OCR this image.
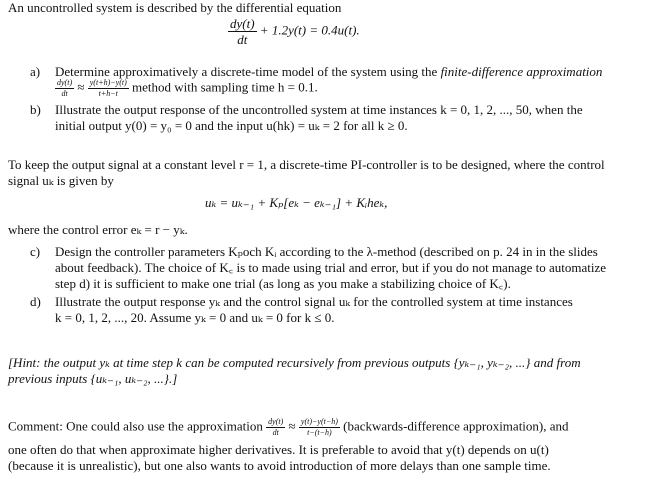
An uncontrolled system is described by the differential equation
$\frac{dy(t)}{dt} + 1.2y(t) = 0.4u(t)$.
a) Determine approximatively a discrete-time model of the system using the finite-difference approximation
$\frac{dy(t)}{dt} \approx \frac{y(t+h)-y(t)}{t+h-t}$ method with sampling time h = 0.1.
b) Illustrate the output response of the uncontrolled system at time instances k = 0, 1, 2, ..., 50, when the
initial output y(0) = y₀ = 0 and the input u(hk) = uₖ = 2 for all k ≥ 0.
To keep the output signal at a constant level r = 1, a discrete-time PI-controller is to be designed, where the control
signal uₖ is given by
uₖ = uₖ₋₁ + Kₚ[eₖ − eₖ₋₁] + Kᵢheₖ,
where the control error eₖ = r − yₖ.
c) Design the controller parameters Kₚoch Kᵢ according to the λ-method (described on p. 24 in in the slides
about feedback). The choice of K꜀ is to made using trial and error, but if you do not manage to automatize
step d) it is sufficient to make one trial (as long as you make a stabilizing choice of K꜀).
d) Illustrate the output response yₖ and the control signal uₖ for the controlled system at time instances
k = 0, 1, 2, ..., 20. Assume yₖ = 0 and uₖ = 0 for k ≤ 0.
[Hint: the output yₖ at time step k can be computed recursively from previous outputs {yₖ₋₁, yₖ₋₂, ...} and from
previous inputs {uₖ₋₁, uₖ₋₂, ...}.]
Comment: One could also use the approximation $\frac{dy(t)}{dt} \approx \frac{y(t)-y(t-h)}{t-(t-h)}$ (backwards-difference approximation), and
one often do that when approximate higher derivatives. It is preferable to avoid that y(t) depends on u(t)
(because it is unrealistic), but one also wants to avoid introduction of more delays than one sample time.
